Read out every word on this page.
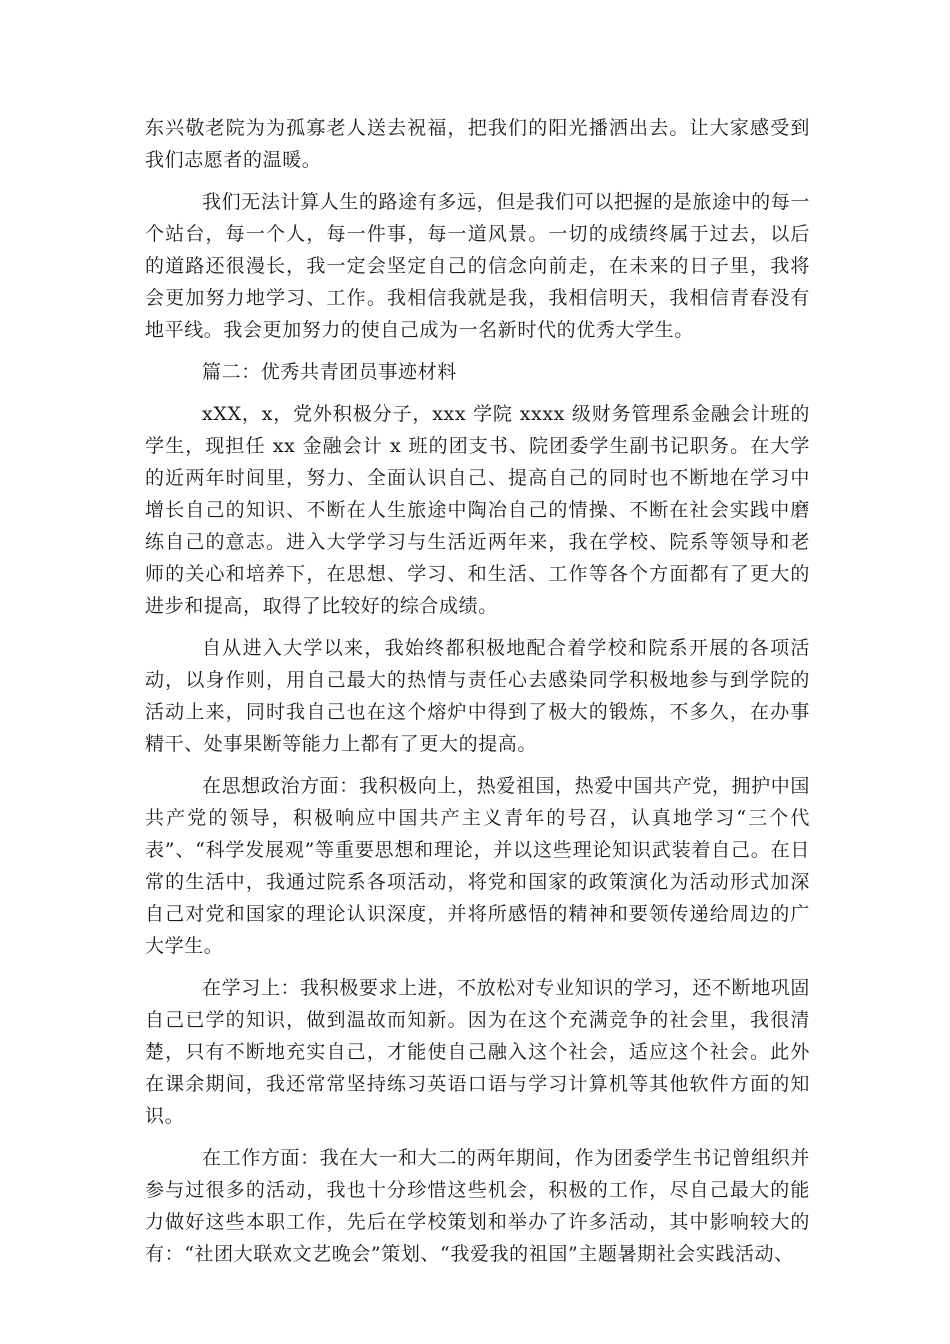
东兴敬老院为为孤寡老人送去祝福，把我们的阳光播洒出去。让大家感受到我们志愿者的温暖。

我们无法计算人生的路途有多远，但是我们可以把握的是旅途中的每一个站台，每一个人，每一件事，每一道风景。一切的成绩终属于过去，以后的道路还很漫长，我一定会坚定自己的信念向前走，在未来的日子里，我将会更加努力地学习、工作。我相信我就是我，我相信明天，我相信青春没有地平线。我会更加努力的使自己成为一名新时代的优秀大学生。

篇二：优秀共青团员事迹材料

xXX，x，党外积极分子，xxx 学院 xxxx 级财务管理系金融会计班的学生，现担任 xx 金融会计 x 班的团支书、院团委学生副书记职务。在大学的近两年时间里，努力、全面认识自己、提高自己的同时也不断地在学习中增长自己的知识、不断在人生旅途中陶冶自己的情操、不断在社会实践中磨练自己的意志。进入大学学习与生活近两年来，我在学校、院系等领导和老师的关心和培养下，在思想、学习、和生活、工作等各个方面都有了更大的进步和提高，取得了比较好的综合成绩。

自从进入大学以来，我始终都积极地配合着学校和院系开展的各项活动，以身作则，用自己最大的热情与责任心去感染同学积极地参与到学院的活动上来，同时我自己也在这个熔炉中得到了极大的锻炼，不多久，在办事精干、处事果断等能力上都有了更大的提高。

在思想政治方面：我积极向上，热爱祖国，热爱中国共产党，拥护中国共产党的领导，积极响应中国共产主义青年的号召，认真地学习“三个代表”、“科学发展观”等重要思想和理论，并以这些理论知识武装着自己。在日常的生活中，我通过院系各项活动，将党和国家的政策演化为活动形式加深自己对党和国家的理论认识深度，并将所感悟的精神和要领传递给周边的广大学生。

在学习上：我积极要求上进，不放松对专业知识的学习，还不断地巩固自己已学的知识，做到温故而知新。因为在这个充满竞争的社会里，我很清楚，只有不断地充实自己，才能使自己融入这个社会，适应这个社会。此外在课余期间，我还常常坚持练习英语口语与学习计算机等其他软件方面的知识。

在工作方面：我在大一和大二的两年期间，作为团委学生书记曾组织并参与过很多的活动，我也十分珍惜这些机会，积极的工作，尽自己最大的能力做好这些本职工作，先后在学校策划和举办了许多活动，其中影响较大的有：“社团大联欢文艺晚会”策划、“我爱我的祖国”主题暑期社会实践活动、
